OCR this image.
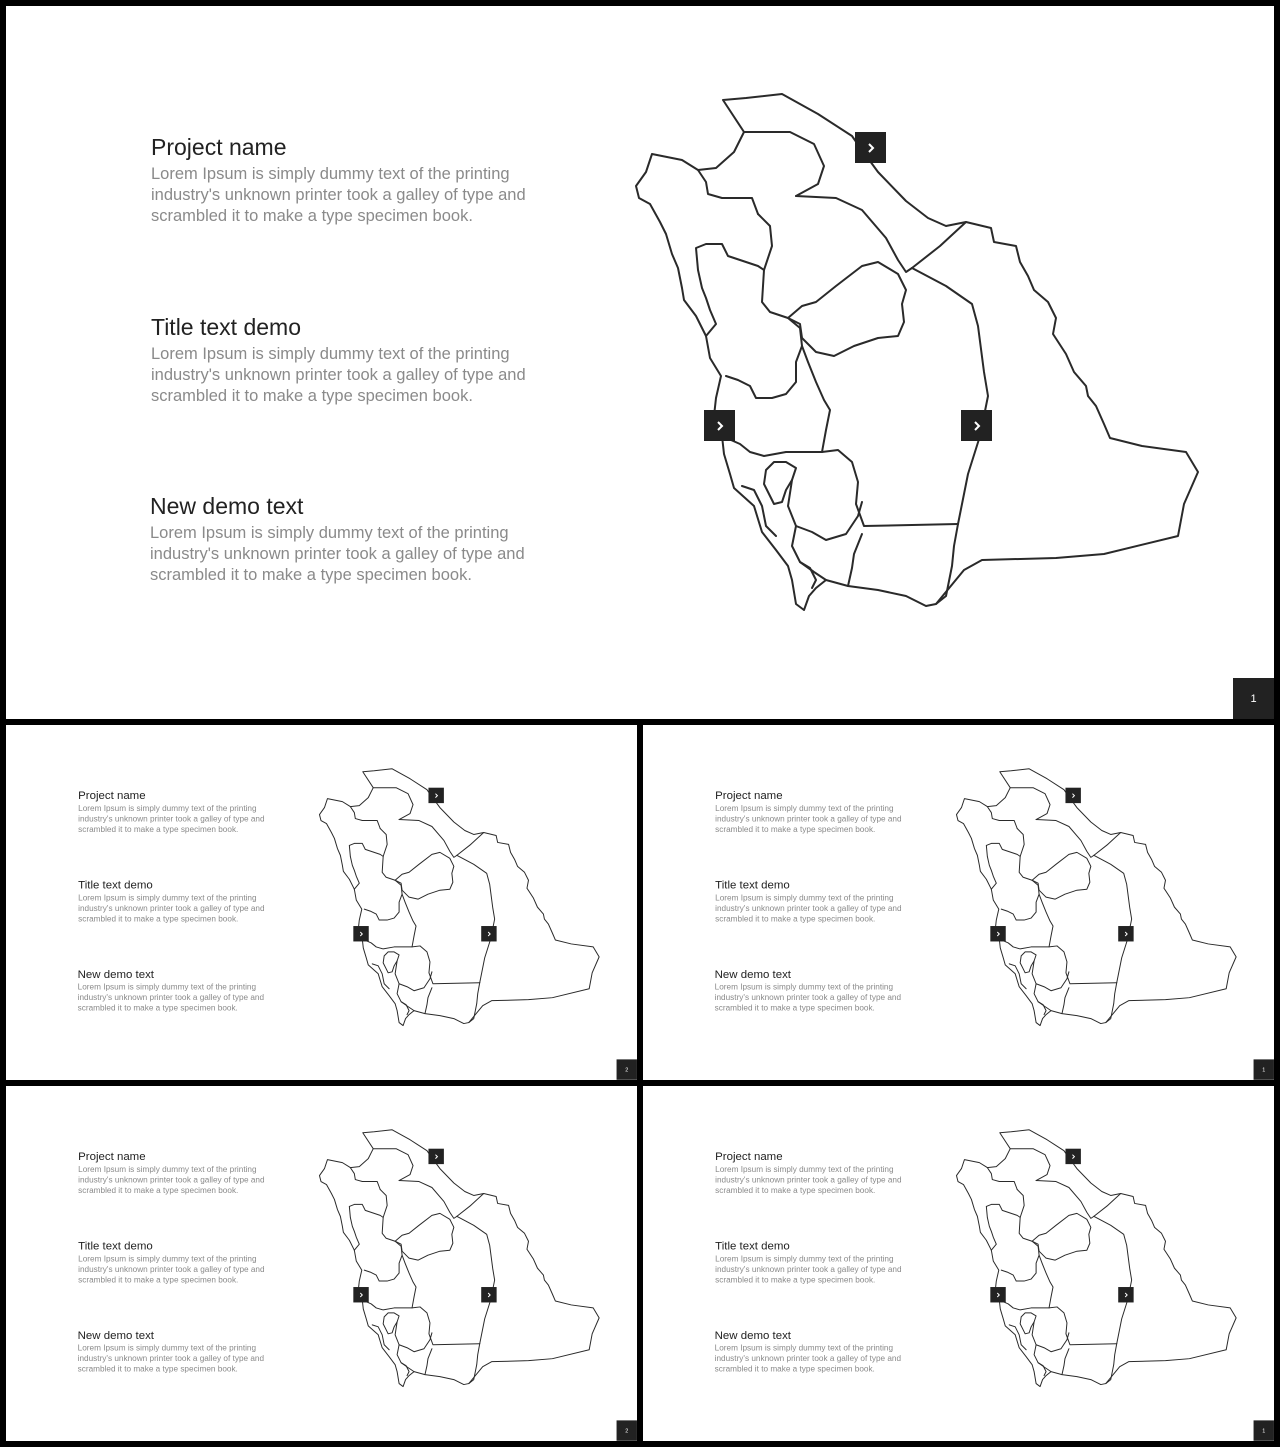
Project name

Lorem Ipsum is simply dummy text of the printing industry's unknown printer took a galley of type and scrambled it to make a type specimen book.

Title text demo

Lorem Ipsum is simply dummy text of the printing industry's unknown printer took a galley of type and scrambled it to make a type specimen book.

New demo text

Lorem Ipsum is simply dummy text of the printing industry's unknown printer took a galley of type and scrambled it to make a type specimen book.

1
Project name

Lorem Ipsum is simply dummy text of the printing industry's unknown printer took a galley of type and scrambled it to make a type specimen book.

Title text demo

Lorem Ipsum is simply dummy text of the printing industry's unknown printer took a galley of type and scrambled it to make a type specimen book.

New demo text

Lorem Ipsum is simply dummy text of the printing industry's unknown printer took a galley of type and scrambled it to make a type specimen book.

2
Project name

Lorem Ipsum is simply dummy text of the printing industry's unknown printer took a galley of type and scrambled it to make a type specimen book.

Title text demo

Lorem Ipsum is simply dummy text of the printing industry's unknown printer took a galley of type and scrambled it to make a type specimen book.

New demo text

Lorem Ipsum is simply dummy text of the printing industry's unknown printer took a galley of type and scrambled it to make a type specimen book.

1
Project name

Lorem Ipsum is simply dummy text of the printing industry's unknown printer took a galley of type and scrambled it to make a type specimen book.

Title text demo

Lorem Ipsum is simply dummy text of the printing industry's unknown printer took a galley of type and scrambled it to make a type specimen book.

New demo text

Lorem Ipsum is simply dummy text of the printing industry's unknown printer took a galley of type and scrambled it to make a type specimen book.

2
Project name

Lorem Ipsum is simply dummy text of the printing industry's unknown printer took a galley of type and scrambled it to make a type specimen book.

Title text demo

Lorem Ipsum is simply dummy text of the printing industry's unknown printer took a galley of type and scrambled it to make a type specimen book.

New demo text

Lorem Ipsum is simply dummy text of the printing industry's unknown printer took a galley of type and scrambled it to make a type specimen book.

1
